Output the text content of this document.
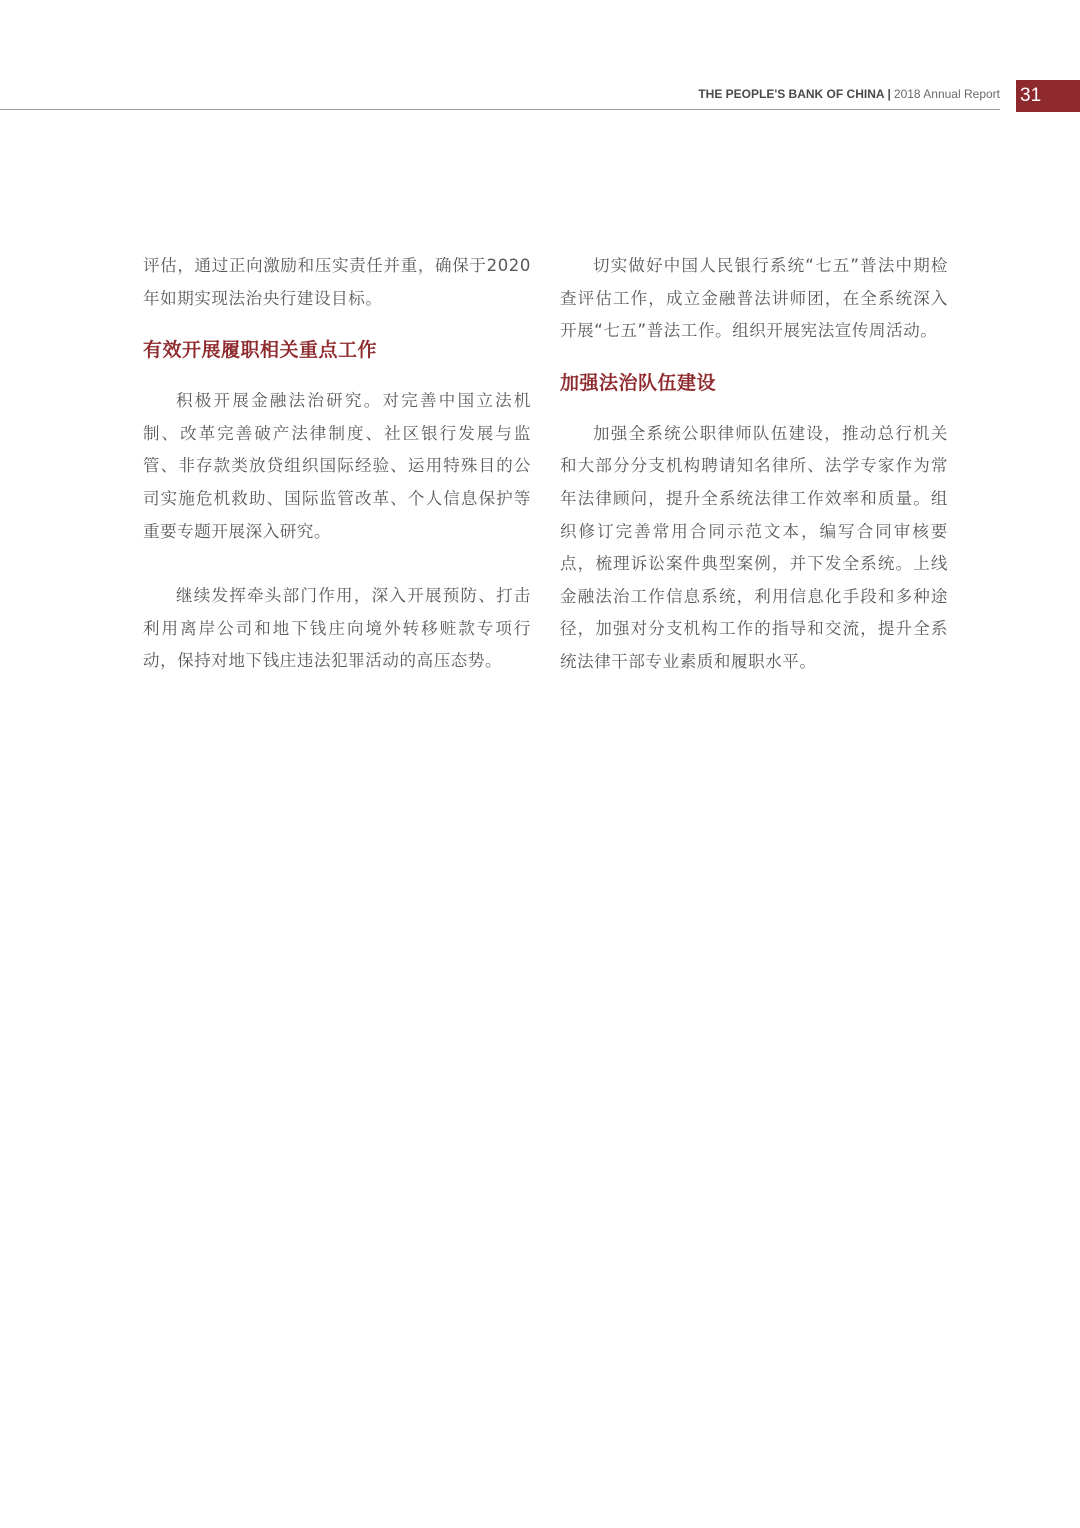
THE PEOPLE'S BANK OF CHINA | 2018 Annual Report 31

评估，通过正向激励和压实责任并重，确保于2020年如期实现法治央行建设目标。

有效开展履职相关重点工作

积极开展金融法治研究。对完善中国立法机制、改革完善破产法律制度、社区银行发展与监管、非存款类放贷组织国际经验、运用特殊目的公司实施危机救助、国际监管改革、个人信息保护等重要专题开展深入研究。

继续发挥牵头部门作用，深入开展预防、打击利用离岸公司和地下钱庄向境外转移赃款专项行动，保持对地下钱庄违法犯罪活动的高压态势。

切实做好中国人民银行系统“七五”普法中期检查评估工作，成立金融普法讲师团，在全系统深入开展“七五”普法工作。组织开展宪法宣传周活动。

加强法治队伍建设

加强全系统公职律师队伍建设，推动总行机关和大部分分支机构聘请知名律所、法学专家作为常年法律顾问，提升全系统法律工作效率和质量。组织修订完善常用合同示范文本，编写合同审核要点，梳理诉讼案件典型案例，并下发全系统。上线金融法治工作信息系统，利用信息化手段和多种途径，加强对分支机构工作的指导和交流，提升全系统法律干部专业素质和履职水平。
